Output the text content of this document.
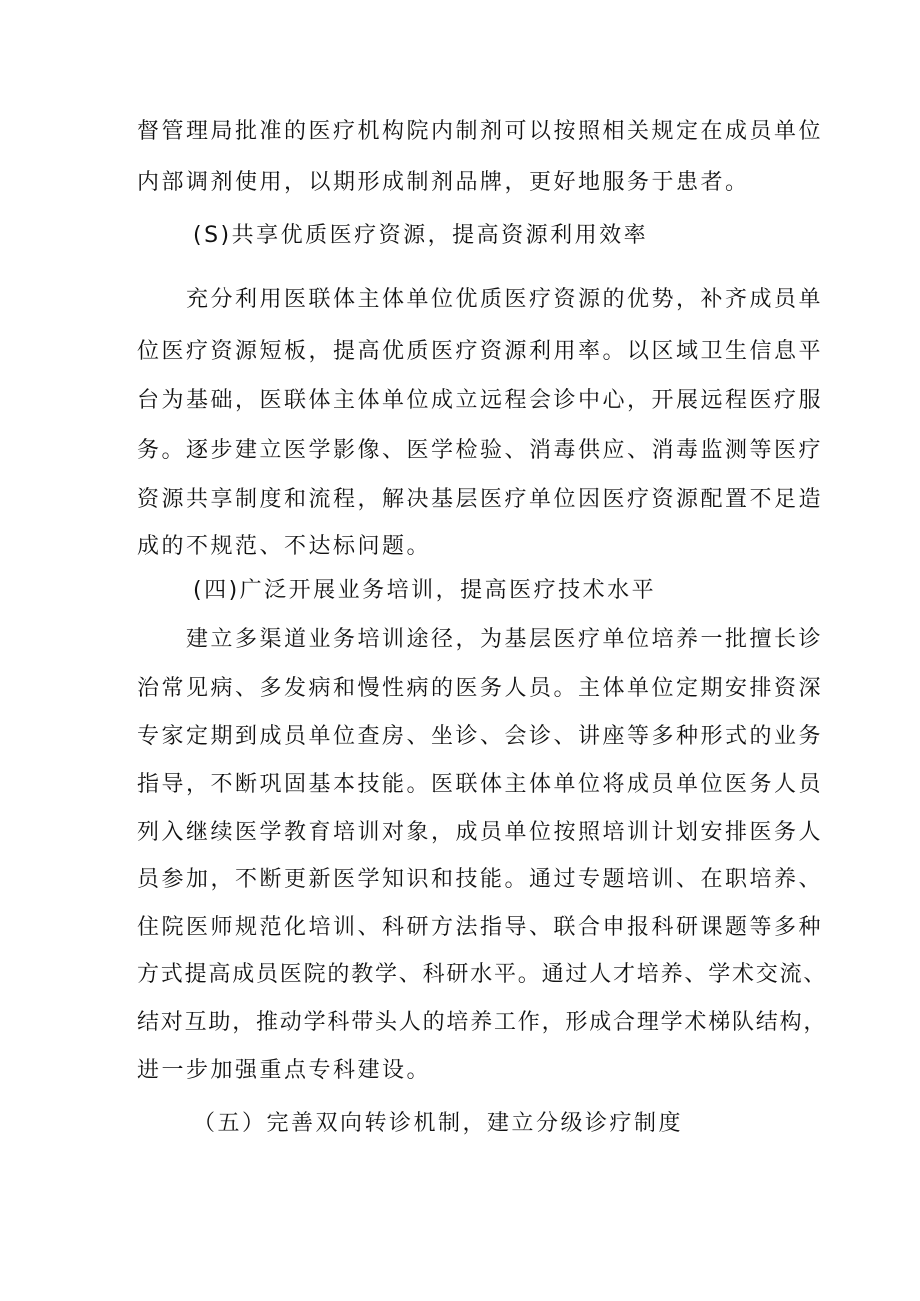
督管理局批准的医疗机构院内制剂可以按照相关规定在成员单位
内部调剂使用，以期形成制剂品牌，更好地服务于患者。
(S)共享优质医疗资源，提高资源利用效率
充分利用医联体主体单位优质医疗资源的优势，补齐成员单
位医疗资源短板，提高优质医疗资源利用率。以区域卫生信息平
台为基础，医联体主体单位成立远程会诊中心，开展远程医疗服
务。逐步建立医学影像、医学检验、消毒供应、消毒监测等医疗
资源共享制度和流程，解决基层医疗单位因医疗资源配置不足造
成的不规范、不达标问题。
(四)广泛开展业务培训，提高医疗技术水平
建立多渠道业务培训途径，为基层医疗单位培养一批擅长诊
治常见病、多发病和慢性病的医务人员。主体单位定期安排资深
专家定期到成员单位查房、坐诊、会诊、讲座等多种形式的业务
指导，不断巩固基本技能。医联体主体单位将成员单位医务人员
列入继续医学教育培训对象，成员单位按照培训计划安排医务人
员参加，不断更新医学知识和技能。通过专题培训、在职培养、
住院医师规范化培训、科研方法指导、联合申报科研课题等多种
方式提高成员医院的教学、科研水平。通过人才培养、学术交流、
结对互助，推动学科带头人的培养工作，形成合理学术梯队结构，
进一步加强重点专科建设。
（五）完善双向转诊机制，建立分级诊疗制度
